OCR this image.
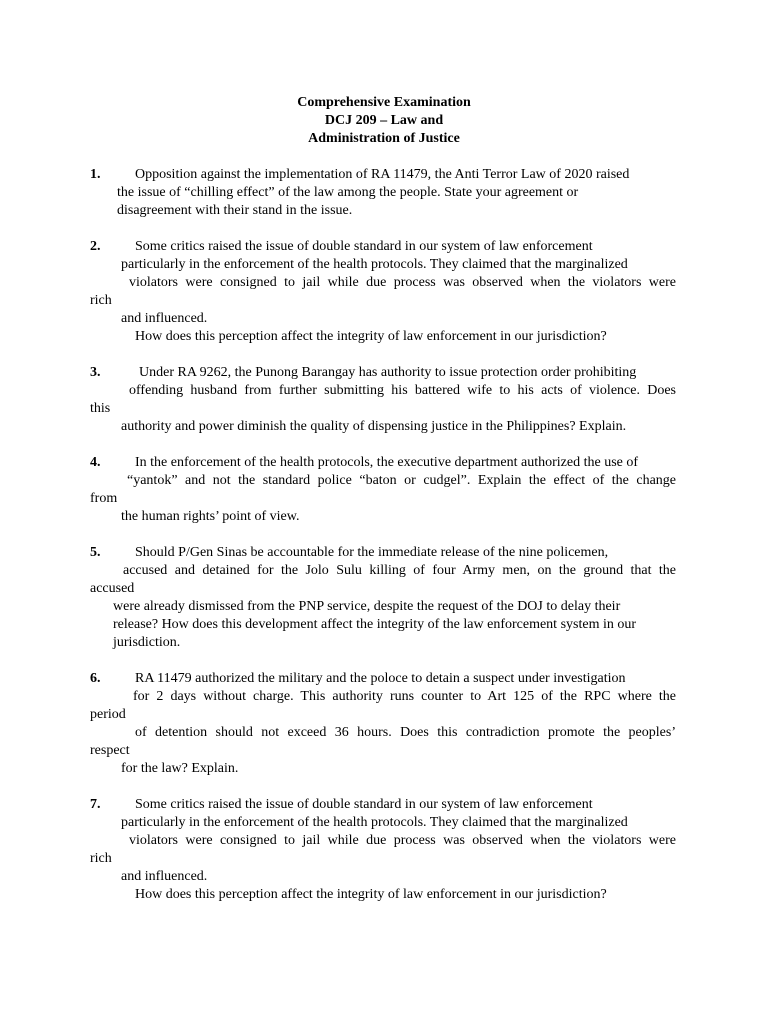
Comprehensive Examination
DCJ 209 – Law and
Administration of Justice
1. Opposition against the implementation of RA 11479, the Anti Terror Law of 2020 raised
the issue of “chilling effect” of the law among the people. State your agreement or
disagreement with their stand in the issue.
2. Some critics raised the issue of double standard in our system of law enforcement
particularly in the enforcement of the health protocols. They claimed that the marginalized
violators were consigned to jail while due process was observed when the violators were
rich
and influenced.
How does this perception affect the integrity of law enforcement in our jurisdiction?
3.	Under RA 9262, the Punong Barangay has authority to issue protection order prohibiting
offending husband from further submitting his battered wife to his acts of violence. Does
this
authority and power diminish the quality of dispensing justice in the Philippines? Explain.
4. In the enforcement of the health protocols, the executive department authorized the use of
“yantok” and not the standard police “baton or cudgel”. Explain the effect of the change
from
the human rights’ point of view.
5. Should P/Gen Sinas be accountable for the immediate release of the nine policemen,
accused and detained for the Jolo Sulu killing of four Army men, on the ground that the
accused
were already dismissed from the PNP service, despite the request of the DOJ to delay their
release? How does this development affect the integrity of the law enforcement system in our
jurisdiction.
6. RA 11479 authorized the military and the poloce to detain a suspect under investigation
for 2 days without charge. This authority runs counter to Art 125 of the RPC where the
period
of detention should not exceed 36 hours. Does this contradiction promote the peoples’
respect
for the law? Explain.
7. Some critics raised the issue of double standard in our system of law enforcement
particularly in the enforcement of the health protocols. They claimed that the marginalized
violators were consigned to jail while due process was observed when the violators were
rich
and influenced.
How does this perception affect the integrity of law enforcement in our jurisdiction?
